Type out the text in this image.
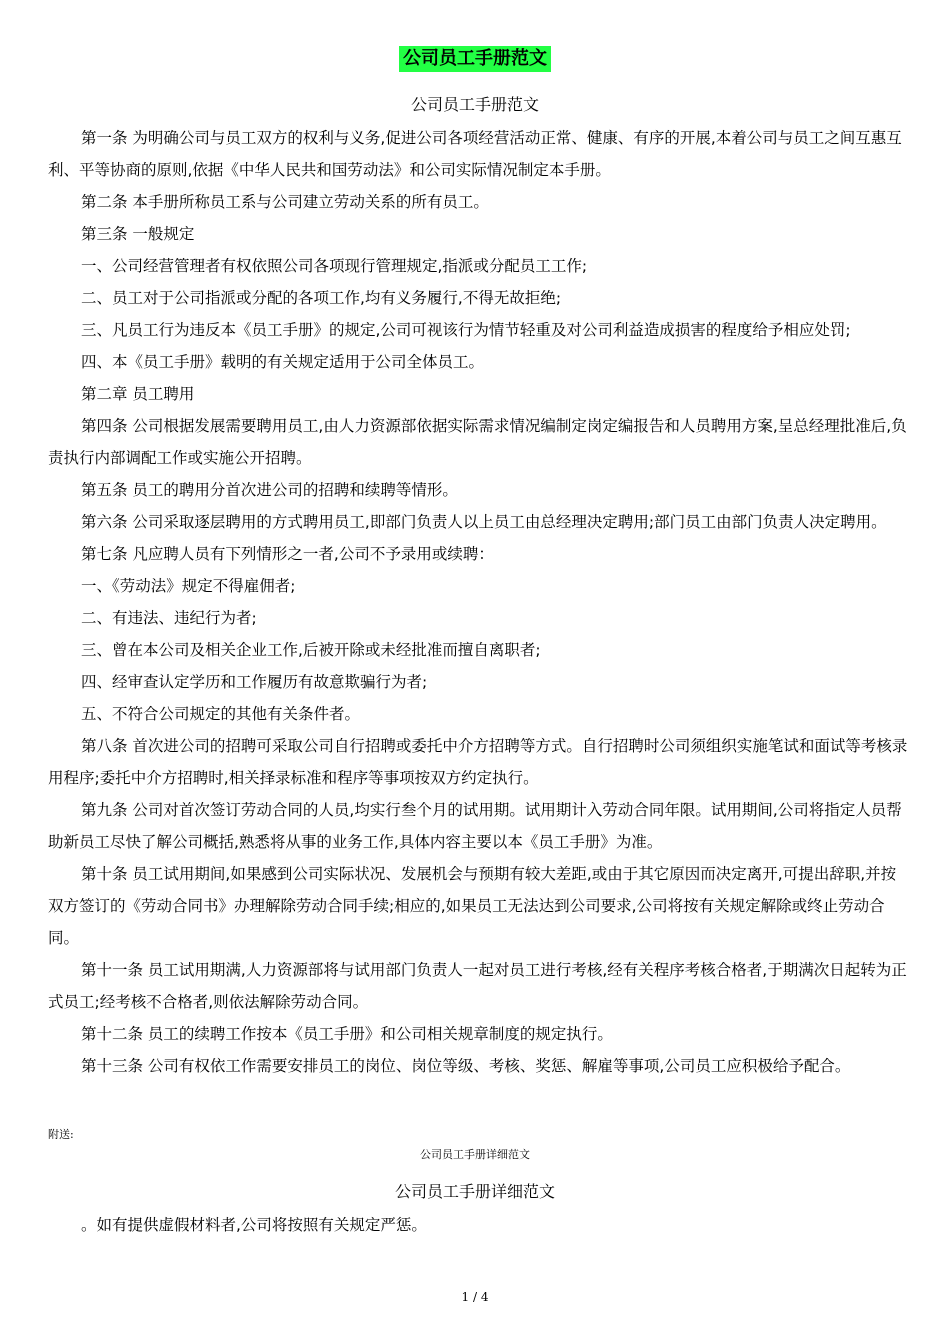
公司员工手册范文
公司员工手册范文

第一条 为明确公司与员工双方的权利与义务,促进公司各项经营活动正常、健康、有序的开展,本着公司与员工之间互惠互利、平等协商的原则,依据《中华人民共和国劳动法》和公司实际情况制定本手册。

第二条 本手册所称员工系与公司建立劳动关系的所有员工。

第三条 一般规定

一、公司经营管理者有权依照公司各项现行管理规定,指派或分配员工工作;

二、员工对于公司指派或分配的各项工作,均有义务履行,不得无故拒绝;

三、凡员工行为违反本《员工手册》的规定,公司可视该行为情节轻重及对公司利益造成损害的程度给予相应处罚;

四、本《员工手册》载明的有关规定适用于公司全体员工。

第二章 员工聘用

第四条 公司根据发展需要聘用员工,由人力资源部依据实际需求情况编制定岗定编报告和人员聘用方案,呈总经理批准后,负责执行内部调配工作或实施公开招聘。

第五条 员工的聘用分首次进公司的招聘和续聘等情形。

第六条 公司采取逐层聘用的方式聘用员工,即部门负责人以上员工由总经理决定聘用;部门员工由部门负责人决定聘用。

第七条 凡应聘人员有下列情形之一者,公司不予录用或续聘：

一、《劳动法》规定不得雇佣者;

二、有违法、违纪行为者;

三、曾在本公司及相关企业工作,后被开除或未经批准而擅自离职者;

四、经审查认定学历和工作履历有故意欺骗行为者;

五、不符合公司规定的其他有关条件者。

第八条 首次进公司的招聘可采取公司自行招聘或委托中介方招聘等方式。自行招聘时公司须组织实施笔试和面试等考核录用程序;委托中介方招聘时,相关择录标准和程序等事项按双方约定执行。

第九条 公司对首次签订劳动合同的人员,均实行叁个月的试用期。试用期计入劳动合同年限。试用期间,公司将指定人员帮助新员工尽快了解公司概括,熟悉将从事的业务工作,具体内容主要以本《员工手册》为准。

第十条 员工试用期间,如果感到公司实际状况、发展机会与预期有较大差距,或由于其它原因而决定离开,可提出辞职,并按双方签订的《劳动合同书》办理解除劳动合同手续;相应的,如果员工无法达到公司要求,公司将按有关规定解除或终止劳动合同。

第十一条 员工试用期满,人力资源部将与试用部门负责人一起对员工进行考核,经有关程序考核合格者,于期满次日起转为正式员工;经考核不合格者,则依法解除劳动合同。

第十二条 员工的续聘工作按本《员工手册》和公司相关规章制度的规定执行。

第十三条 公司有权依工作需要安排员工的岗位、岗位等级、考核、奖惩、解雇等事项,公司员工应积极给予配合。

附送:
公司员工手册详细范文
公司员工手册详细范文
。如有提供虚假材料者,公司将按照有关规定严惩。
1 / 4
